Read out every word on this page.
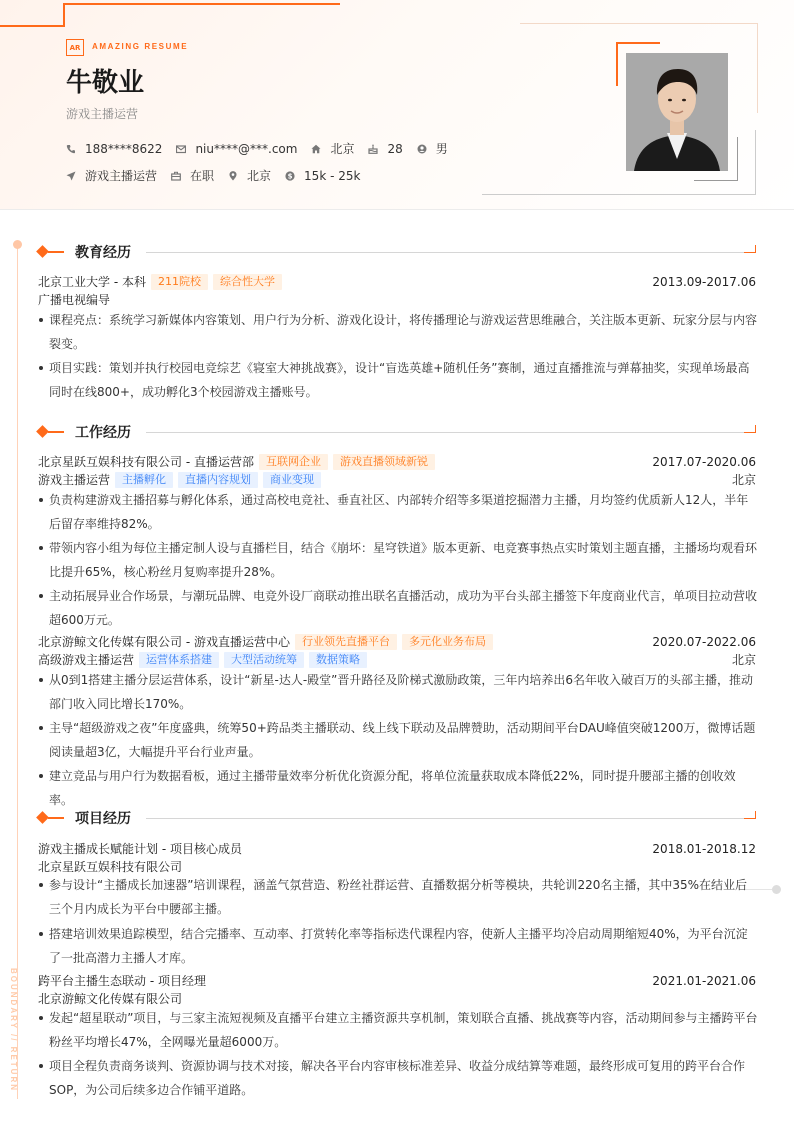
AR	AMAZING RESUME
牛敬业
游戏主播运营
188****8622	niu****@***.com	北京	28	男
游戏主播运营	在职	北京 $ 15k - 25k
BOUNDARY // RETURN
教育经历
北京工业大学 - 本科	211院校	综合性大学	2013.09-2017.06
广播电视编导
课程亮点：系统学习新媒体内容策划、用户行为分析、游戏化设计，将传播理论与游戏运营思维融合，关注版本更新、玩家分层与内容裂变。
项目实践：策划并执行校园电竞综艺《寝室大神挑战赛》，设计“盲选英雄+随机任务”赛制，通过直播推流与弹幕抽奖，实现单场最高同时在线800+，成功孵化3个校园游戏主播账号。
工作经历
北京星跃互娱科技有限公司 - 直播运营部	互联网企业	游戏直播领域新锐	2017.07-2020.06
游戏主播运营	主播孵化	直播内容规划	商业变现	北京
负责构建游戏主播招募与孵化体系，通过高校电竞社、垂直社区、内部转介绍等多渠道挖掘潜力主播，月均签约优质新人12人，半年后留存率维持82%。
带领内容小组为每位主播定制人设与直播栏目，结合《崩坏：星穹铁道》版本更新、电竞赛事热点实时策划主题直播，主播场均观看环比提升65%，核心粉丝月复购率提升28%。
主动拓展异业合作场景，与潮玩品牌、电竞外设厂商联动推出联名直播活动，成功为平台头部主播签下年度商业代言，单项目拉动营收超600万元。
北京游鲸文化传媒有限公司 - 游戏直播运营中心	行业领先直播平台	多元化业务布局	2020.07-2022.06
高级游戏主播运营	运营体系搭建	大型活动统筹	数据策略	北京
从0到1搭建主播分层运营体系，设计“新星-达人-殿堂”晋升路径及阶梯式激励政策，三年内培养出6名年收入破百万的头部主播，推动部门收入同比增长170%。
主导“超级游戏之夜”年度盛典，统筹50+跨品类主播联动、线上线下联动及品牌赞助，活动期间平台DAU峰值突破1200万，微博话题阅读量超3亿，大幅提升平台行业声量。
建立竞品与用户行为数据看板，通过主播带量效率分析优化资源分配，将单位流量获取成本降低22%，同时提升腰部主播的创收效率。
项目经历
游戏主播成长赋能计划 - 项目核心成员	2018.01-2018.12
北京星跃互娱科技有限公司
参与设计“主播成长加速器”培训课程，涵盖气氛营造、粉丝社群运营、直播数据分析等模块，共轮训220名主播，其中35%在结业后三个月内成长为平台中腰部主播。
搭建培训效果追踪模型，结合完播率、互动率、打赏转化率等指标迭代课程内容，使新人主播平均冷启动周期缩短40%，为平台沉淀了一批高潜力主播人才库。
跨平台主播生态联动 - 项目经理	2021.01-2021.06
北京游鲸文化传媒有限公司
发起“超星联动”项目，与三家主流短视频及直播平台建立主播资源共享机制，策划联合直播、挑战赛等内容，活动期间参与主播跨平台粉丝平均增长47%，全网曝光量超6000万。
项目全程负责商务谈判、资源协调与技术对接，解决各平台内容审核标准差异、收益分成结算等难题，最终形成可复用的跨平台合作SOP，为公司后续多边合作铺平道路。
